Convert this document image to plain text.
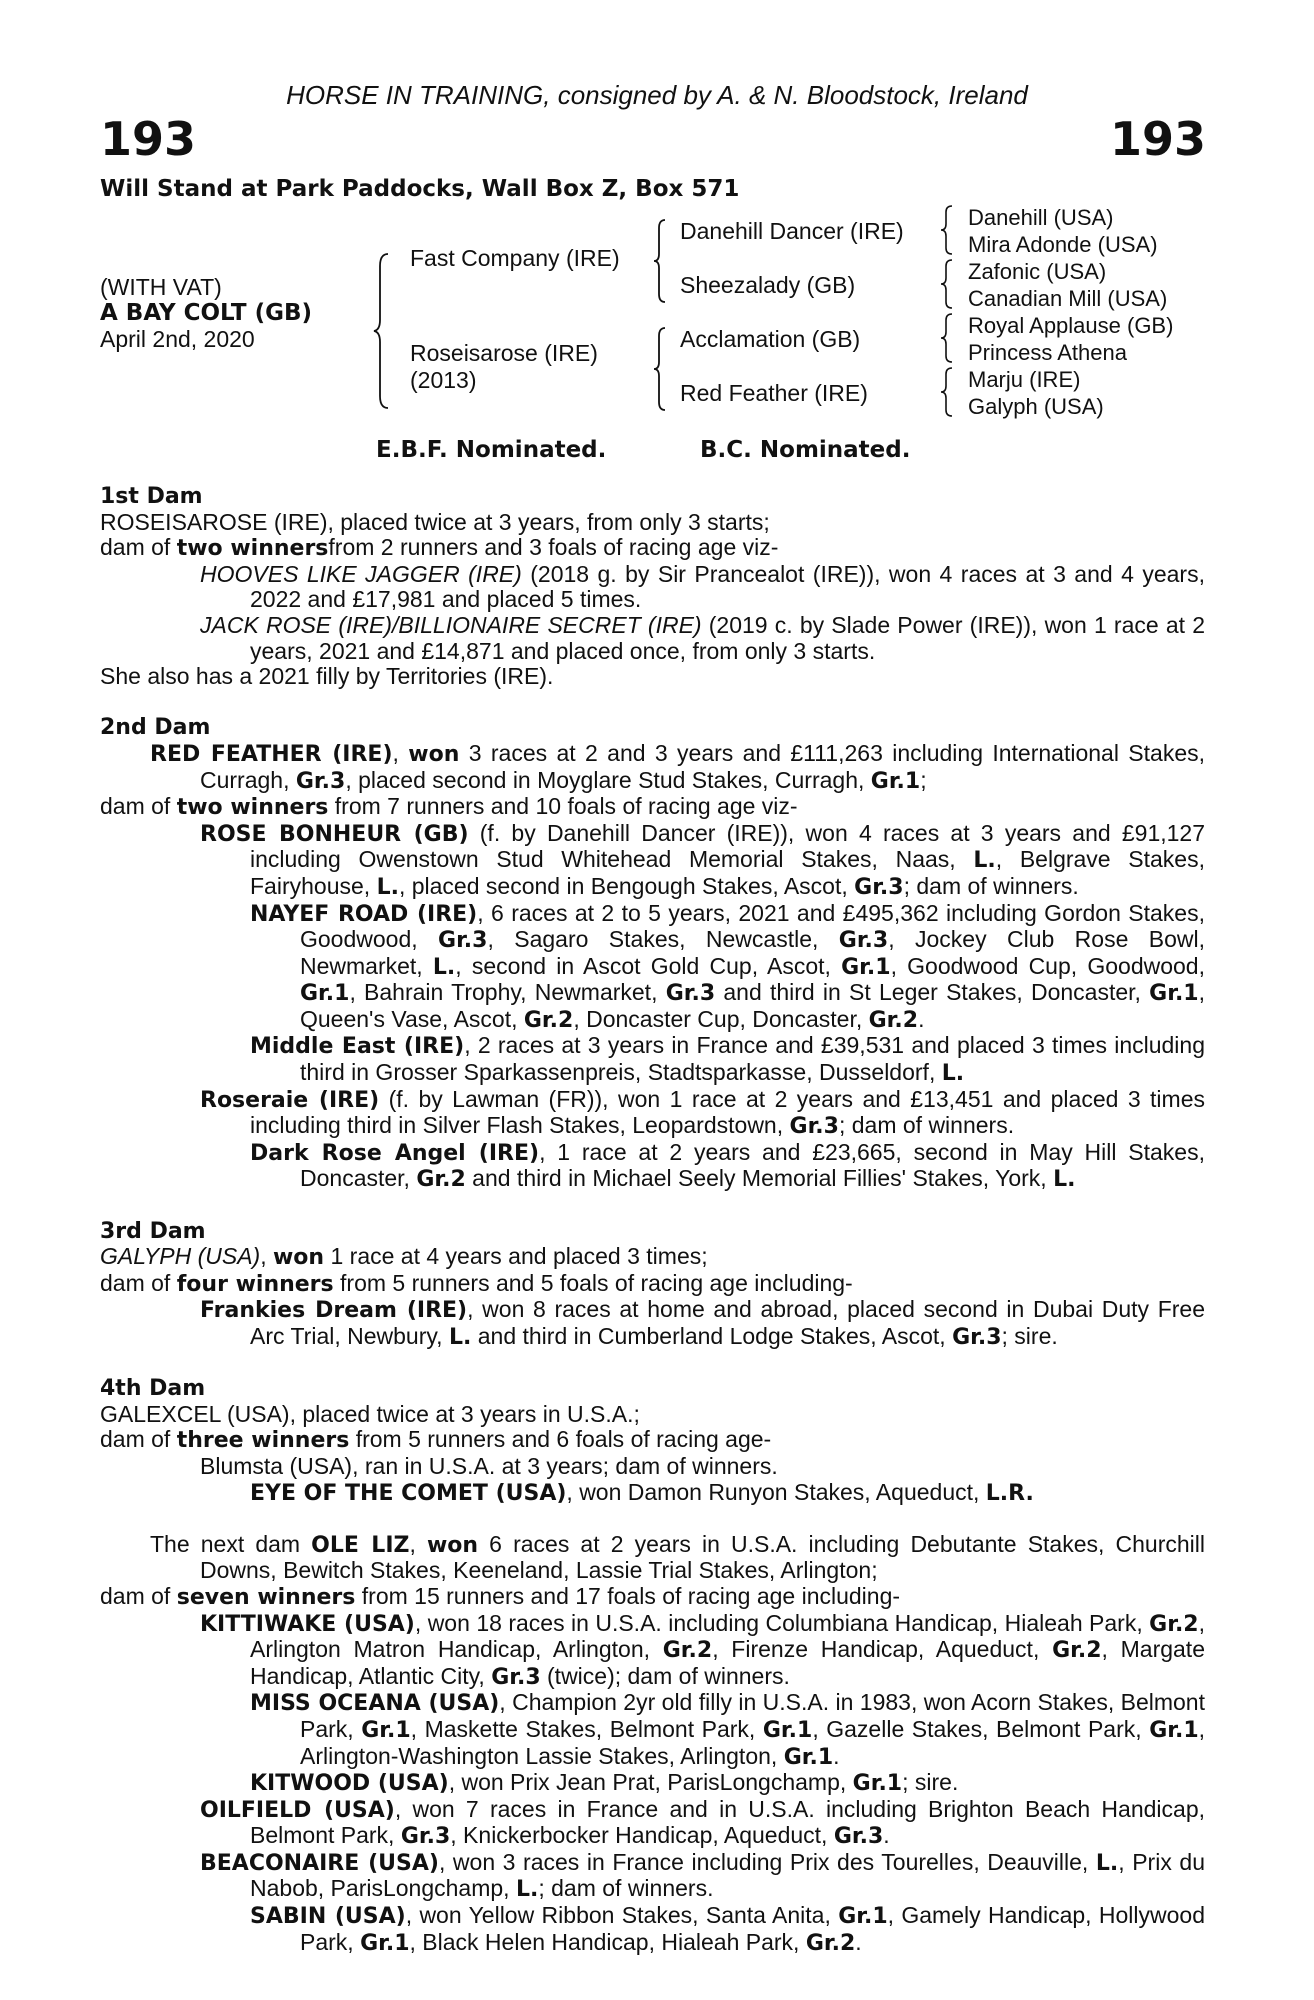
HORSE IN TRAINING, consigned by A. & N. Bloodstock, Ireland
193	193
Will Stand at Park Paddocks, Wall Box Z, Box 571
(WITH VAT)
A BAY COLT (GB)
April 2nd, 2020
Fast Company (IRE)
Roseisarose (IRE)
(2013)
Danehill Dancer (IRE)
Sheezalady (GB)
Acclamation (GB)
Red Feather (IRE)
Danehill (USA)
Mira Adonde (USA)
Zafonic (USA)
Canadian Mill (USA)
Royal Applause (GB)
Princess Athena
Marju (IRE)
Galyph (USA)
E.B.F. Nominated.	B.C. Nominated.

1st Dam

ROSEISAROSE (IRE), placed twice at 3 years, from only 3 starts;

dam of two winnersfrom 2 runners and 3 foals of racing age viz-

HOOVES LIKE JAGGER (IRE) (2018 g. by Sir Prancealot (IRE)), won 4 races at 3 and 4 years, 2022 and £17,981 and placed 5 times.

JACK ROSE (IRE)/BILLIONAIRE SECRET (IRE) (2019 c. by Slade Power (IRE)), won 1 race at 2 years, 2021 and £14,871 and placed once, from only 3 starts.

She also has a 2021 filly by Territories (IRE).

2nd Dam

RED FEATHER (IRE), won 3 races at 2 and 3 years and £111,263 including International Stakes, Curragh, Gr.3, placed second in Moyglare Stud Stakes, Curragh, Gr.1;

dam of two winners from 7 runners and 10 foals of racing age viz-

ROSE BONHEUR (GB) (f. by Danehill Dancer (IRE)), won 4 races at 3 years and £91,127 including Owenstown Stud Whitehead Memorial Stakes, Naas, L., Belgrave Stakes, Fairyhouse, L., placed second in Bengough Stakes, Ascot, Gr.3; dam of winners.

NAYEF ROAD (IRE), 6 races at 2 to 5 years, 2021 and £495,362 including Gordon Stakes, Goodwood, Gr.3, Sagaro Stakes, Newcastle, Gr.3, Jockey Club Rose Bowl, Newmarket, L., second in Ascot Gold Cup, Ascot, Gr.1, Goodwood Cup, Goodwood, Gr.1, Bahrain Trophy, Newmarket, Gr.3 and third in St Leger Stakes, Doncaster, Gr.1, Queen's Vase, Ascot, Gr.2, Doncaster Cup, Doncaster, Gr.2.

Middle East (IRE), 2 races at 3 years in France and £39,531 and placed 3 times including third in Grosser Sparkassenpreis, Stadtsparkasse, Dusseldorf, L.

Roseraie (IRE) (f. by Lawman (FR)), won 1 race at 2 years and £13,451 and placed 3 times including third in Silver Flash Stakes, Leopardstown, Gr.3; dam of winners.

Dark Rose Angel (IRE), 1 race at 2 years and £23,665, second in May Hill Stakes, Doncaster, Gr.2 and third in Michael Seely Memorial Fillies' Stakes, York, L.

3rd Dam

GALYPH (USA), won 1 race at 4 years and placed 3 times;

dam of four winners from 5 runners and 5 foals of racing age including-

Frankies Dream (IRE), won 8 races at home and abroad, placed second in Dubai Duty Free Arc Trial, Newbury, L. and third in Cumberland Lodge Stakes, Ascot, Gr.3; sire.

4th Dam

GALEXCEL (USA), placed twice at 3 years in U.S.A.;

dam of three winners from 5 runners and 6 foals of racing age-

Blumsta (USA), ran in U.S.A. at 3 years; dam of winners.

EYE OF THE COMET (USA), won Damon Runyon Stakes, Aqueduct, L.R.

The next dam OLE LIZ, won 6 races at 2 years in U.S.A. including Debutante Stakes, Churchill Downs, Bewitch Stakes, Keeneland, Lassie Trial Stakes, Arlington;

dam of seven winners from 15 runners and 17 foals of racing age including-

KITTIWAKE (USA), won 18 races in U.S.A. including Columbiana Handicap, Hialeah Park, Gr.2, Arlington Matron Handicap, Arlington, Gr.2, Firenze Handicap, Aqueduct, Gr.2, Margate Handicap, Atlantic City, Gr.3 (twice); dam of winners.

MISS OCEANA (USA), Champion 2yr old filly in U.S.A. in 1983, won Acorn Stakes, Belmont Park, Gr.1, Maskette Stakes, Belmont Park, Gr.1, Gazelle Stakes, Belmont Park, Gr.1, Arlington-Washington Lassie Stakes, Arlington, Gr.1.

KITWOOD (USA), won Prix Jean Prat, ParisLongchamp, Gr.1; sire.

OILFIELD (USA), won 7 races in France and in U.S.A. including Brighton Beach Handicap, Belmont Park, Gr.3, Knickerbocker Handicap, Aqueduct, Gr.3.

BEACONAIRE (USA), won 3 races in France including Prix des Tourelles, Deauville, L., Prix du Nabob, ParisLongchamp, L.; dam of winners.

SABIN (USA), won Yellow Ribbon Stakes, Santa Anita, Gr.1, Gamely Handicap, Hollywood Park, Gr.1, Black Helen Handicap, Hialeah Park, Gr.2.
